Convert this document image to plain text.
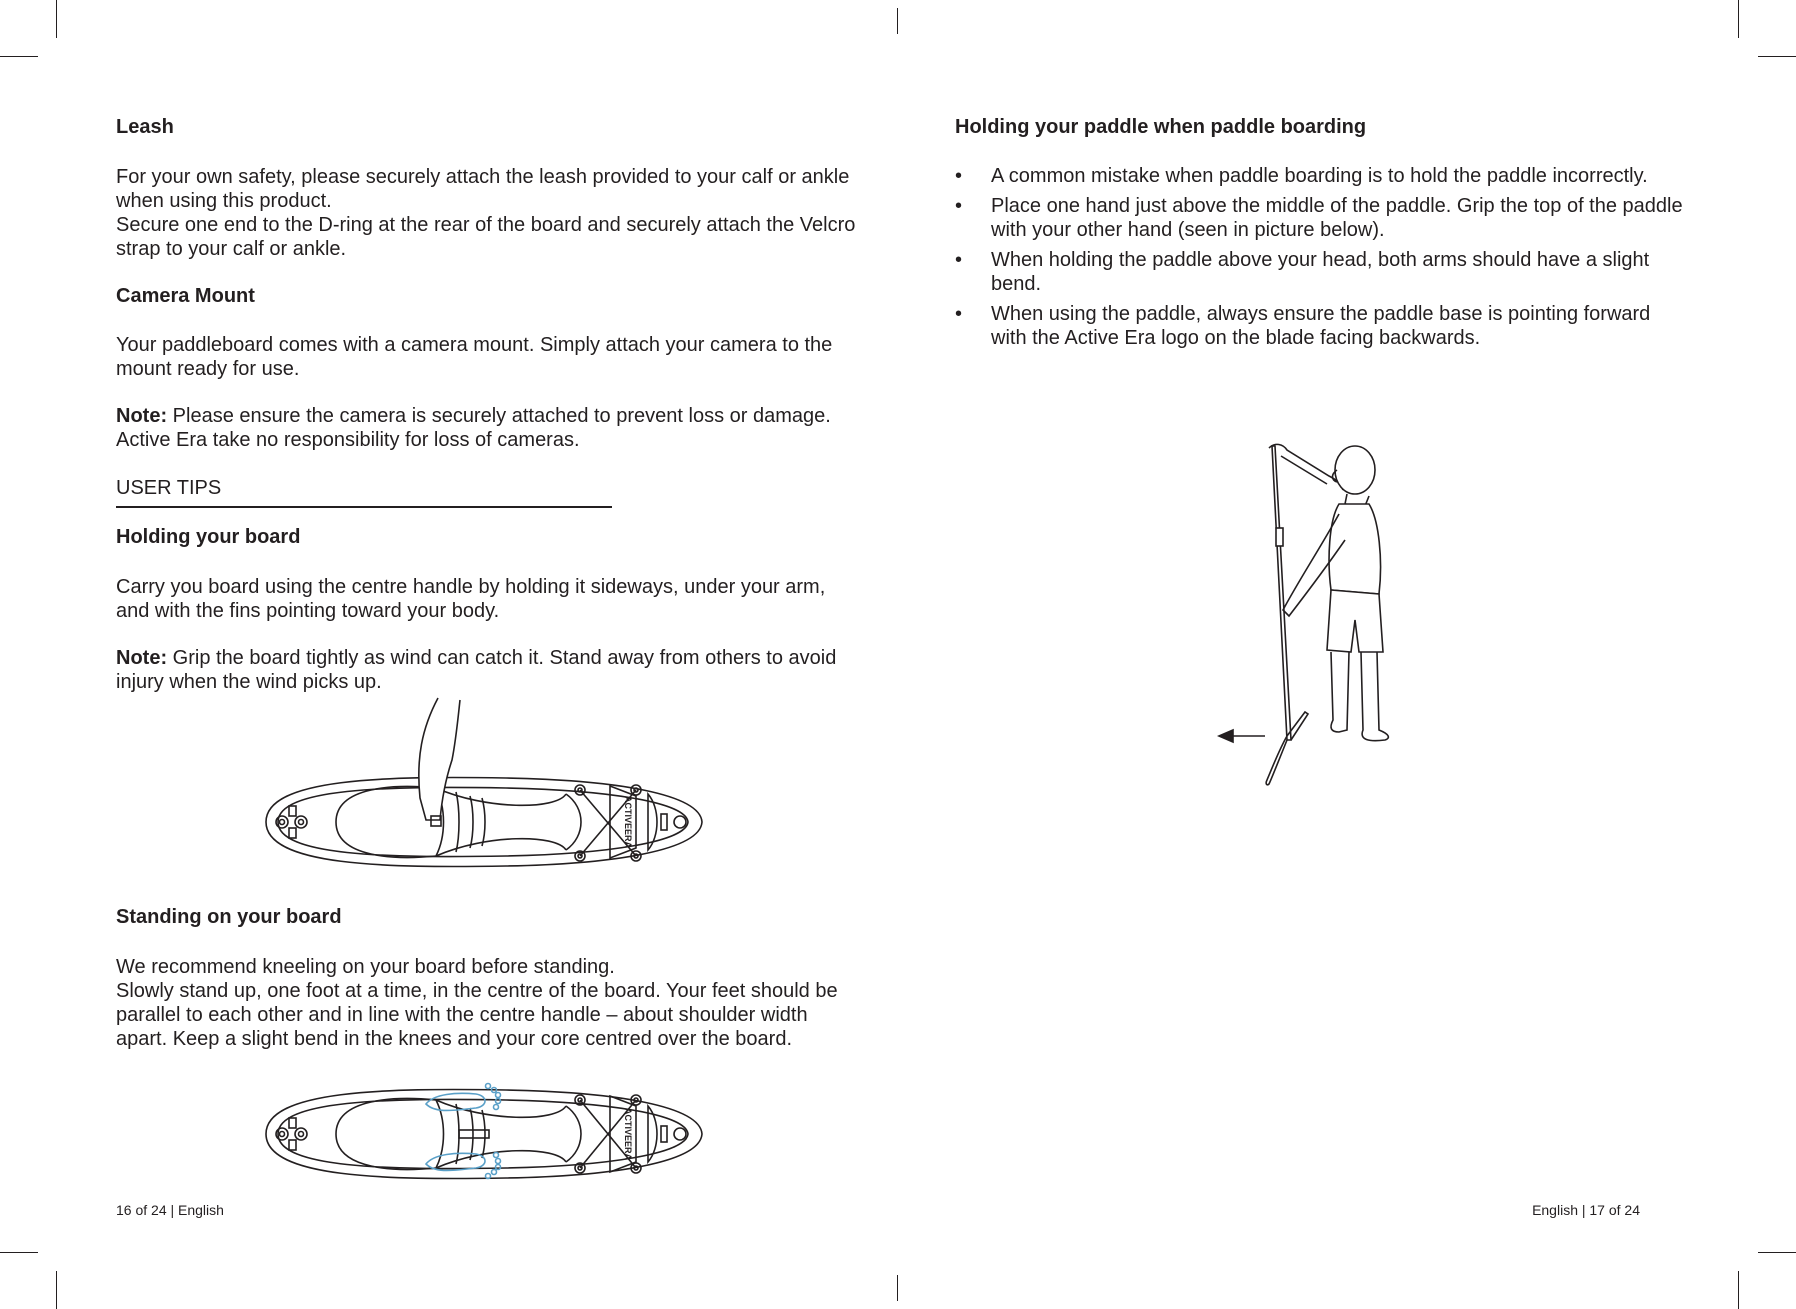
Leash

For your own safety, please securely attach the leash provided to your calf or ankle when using this product.

Secure one end to the D-ring at the rear of the board and securely attach the Velcro strap to your calf or ankle.

Camera Mount

Your paddleboard comes with a camera mount. Simply attach your camera to the mount ready for use.

Note: Please ensure the camera is securely attached to prevent loss or damage. Active Era take no responsibility for loss of cameras.

USER TIPS
Holding your board

Carry you board using the centre handle by holding it sideways, under your arm, and with the fins pointing toward your body.

Note: Grip the board tightly as wind can catch it. Stand away from others to avoid injury when the wind picks up.

ACTIVEERA
Standing on your board

We recommend kneeling on your board before standing.

Slowly stand up, one foot at a time, in the centre of the board. Your feet should be parallel to each other and in line with the centre handle – about shoulder width apart. Keep a slight bend in the knees and your core centred over the board.

ACTIVEERA
16 of 24 | English
Holding your paddle when paddle boarding
• A common mistake when paddle boarding is to hold the paddle incorrectly.
• Place one hand just above the middle of the paddle. Grip the top of the paddle with your other hand (seen in picture below).
• When holding the paddle above your head, both arms should have a slight bend.
• When using the paddle, always ensure the paddle base is pointing forward with the Active Era logo on the blade facing backwards.
English | 17 of 24
